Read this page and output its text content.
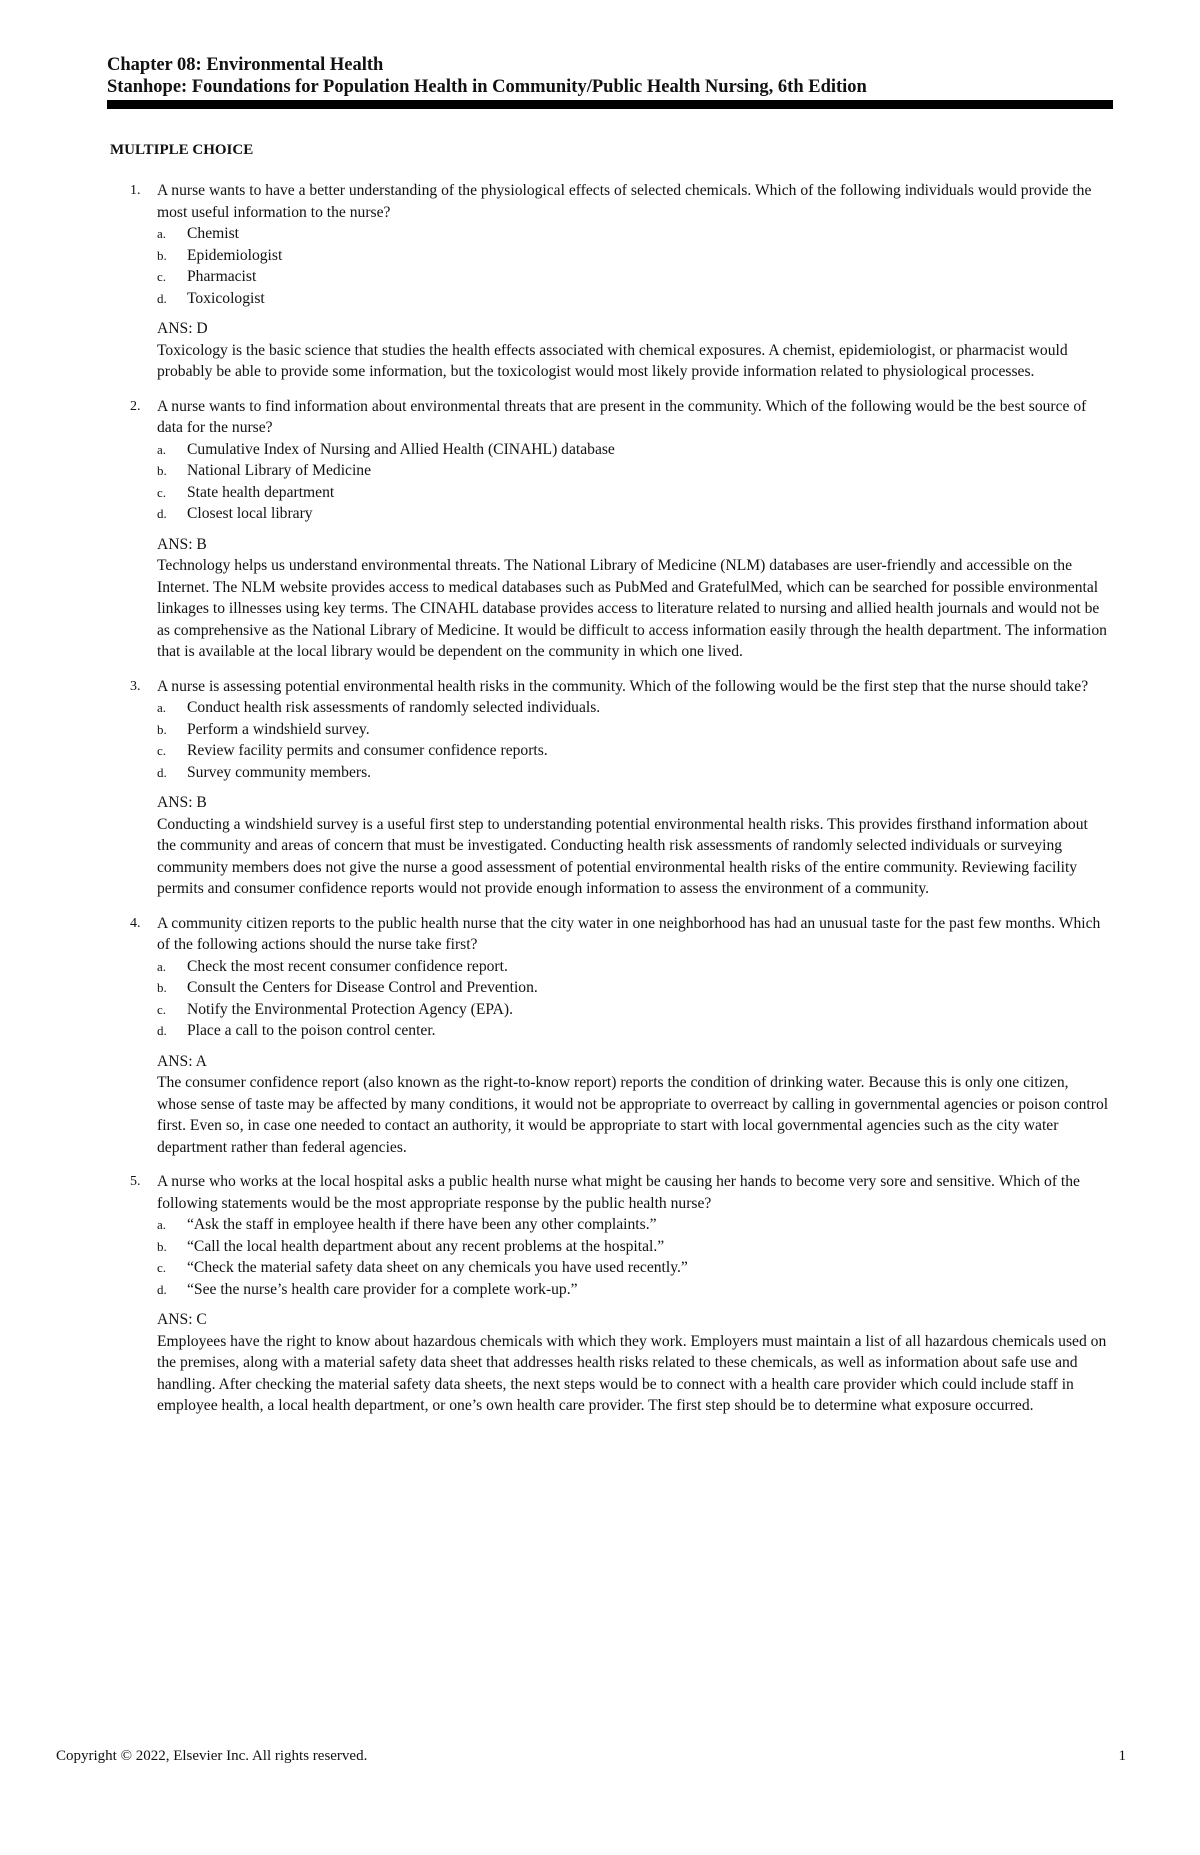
Chapter 08: Environmental Health
Stanhope: Foundations for Population Health in Community/Public Health Nursing, 6th Edition
MULTIPLE CHOICE
1. A nurse wants to have a better understanding of the physiological effects of selected chemicals. Which of the following individuals would provide the most useful information to the nurse?

a. Chemist
b. Epidemiologist
c. Pharmacist
d. Toxicologist
ANS: D

Toxicology is the basic science that studies the health effects associated with chemical exposures. A chemist, epidemiologist, or pharmacist would probably be able to provide some information, but the toxicologist would most likely provide information related to physiological processes.

2. A nurse wants to find information about environmental threats that are present in the community. Which of the following would be the best source of data for the nurse?

a. Cumulative Index of Nursing and Allied Health (CINAHL) database
b. National Library of Medicine
c. State health department
d. Closest local library
ANS: B

Technology helps us understand environmental threats. The National Library of Medicine (NLM) databases are user-friendly and accessible on the Internet. The NLM website provides access to medical databases such as PubMed and GratefulMed, which can be searched for possible environmental linkages to illnesses using key terms. The CINAHL database provides access to literature related to nursing and allied health journals and would not be as comprehensive as the National Library of Medicine. It would be difficult to access information easily through the health department. The information that is available at the local library would be dependent on the community in which one lived.

3. A nurse is assessing potential environmental health risks in the community. Which of the following would be the first step that the nurse should take?

a. Conduct health risk assessments of randomly selected individuals.
b. Perform a windshield survey.
c. Review facility permits and consumer confidence reports.
d. Survey community members.
ANS: B

Conducting a windshield survey is a useful first step to understanding potential environmental health risks. This provides firsthand information about the community and areas of concern that must be investigated. Conducting health risk assessments of randomly selected individuals or surveying community members does not give the nurse a good assessment of potential environmental health risks of the entire community. Reviewing facility permits and consumer confidence reports would not provide enough information to assess the environment of a community.

4. A community citizen reports to the public health nurse that the city water in one neighborhood has had an unusual taste for the past few months. Which of the following actions should the nurse take first?

a. Check the most recent consumer confidence report.
b. Consult the Centers for Disease Control and Prevention.
c. Notify the Environmental Protection Agency (EPA).
d. Place a call to the poison control center.
ANS: A

The consumer confidence report (also known as the right-to-know report) reports the condition of drinking water. Because this is only one citizen, whose sense of taste may be affected by many conditions, it would not be appropriate to overreact by calling in governmental agencies or poison control first. Even so, in case one needed to contact an authority, it would be appropriate to start with local governmental agencies such as the city water department rather than federal agencies.

5. A nurse who works at the local hospital asks a public health nurse what might be causing her hands to become very sore and sensitive. Which of the following statements would be the most appropriate response by the public health nurse?

a. “Ask the staff in employee health if there have been any other complaints.”
b. “Call the local health department about any recent problems at the hospital.”
c. “Check the material safety data sheet on any chemicals you have used recently.”
d. “See the nurse’s health care provider for a complete work-up.”
ANS: C

Employees have the right to know about hazardous chemicals with which they work. Employers must maintain a list of all hazardous chemicals used on the premises, along with a material safety data sheet that addresses health risks related to these chemicals, as well as information about safe use and handling. After checking the material safety data sheets, the next steps would be to connect with a health care provider which could include staff in employee health, a local health department, or one’s own health care provider. The first step should be to determine what exposure occurred.

Copyright © 2022, Elsevier Inc. All rights reserved.	1
